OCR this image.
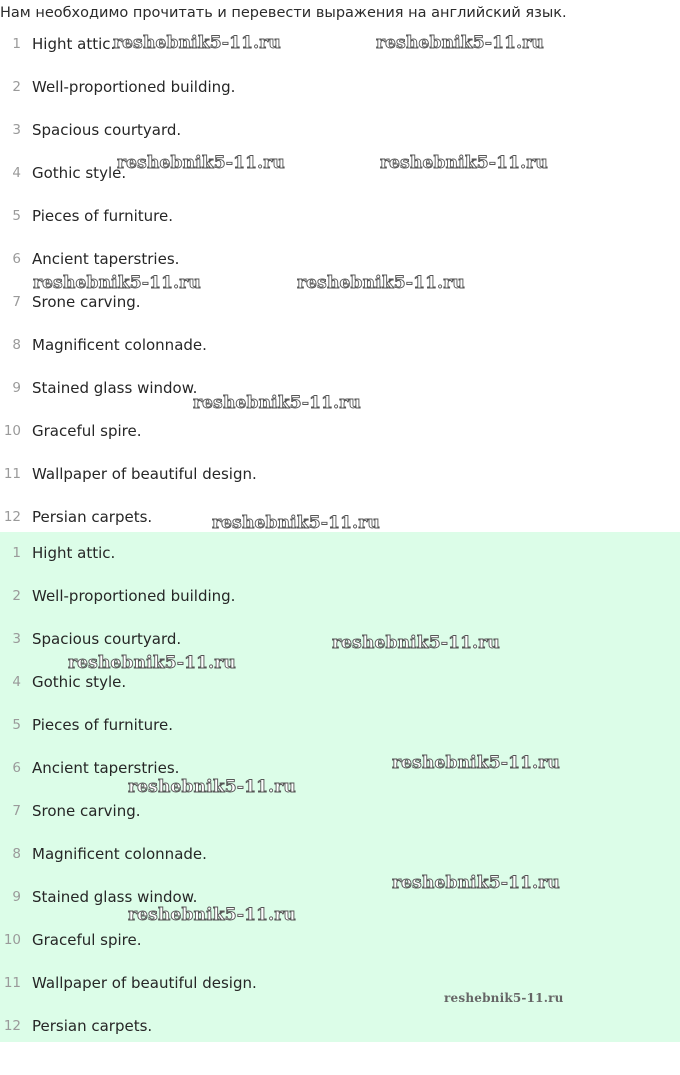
Нам необходимо прочитать и перевести выражения на английский язык.
1 Hight attic.
2 Well-proportioned building.
3 Spacious courtyard.
4 Gothic style.
5 Pieces of furniture.
6 Ancient taperstries.
7 Srone carving.
8 Magnificent colonnade.
9 Stained glass window.
10 Graceful spire.
11 Wallpaper of beautiful design.
12 Persian carpets.
1 Hight attic.
2 Well-proportioned building.
3 Spacious courtyard.
4 Gothic style.
5 Pieces of furniture.
6 Ancient taperstries.
7 Srone carving.
8 Magnificent colonnade.
9 Stained glass window.
10 Graceful spire.
11 Wallpaper of beautiful design.
12 Persian carpets.
reshebnik5-11.ru	reshebnik5-11.ru
reshebnik5-11.ru	reshebnik5-11.ru
reshebnik5-11.ru	reshebnik5-11.ru
reshebnik5-11.ru
reshebnik5-11.ru
reshebnik5-11.ru
reshebnik5-11.ru
reshebnik5-11.ru
reshebnik5-11.ru
reshebnik5-11.ru
reshebnik5-11.ru
reshebnik5-11.ru
